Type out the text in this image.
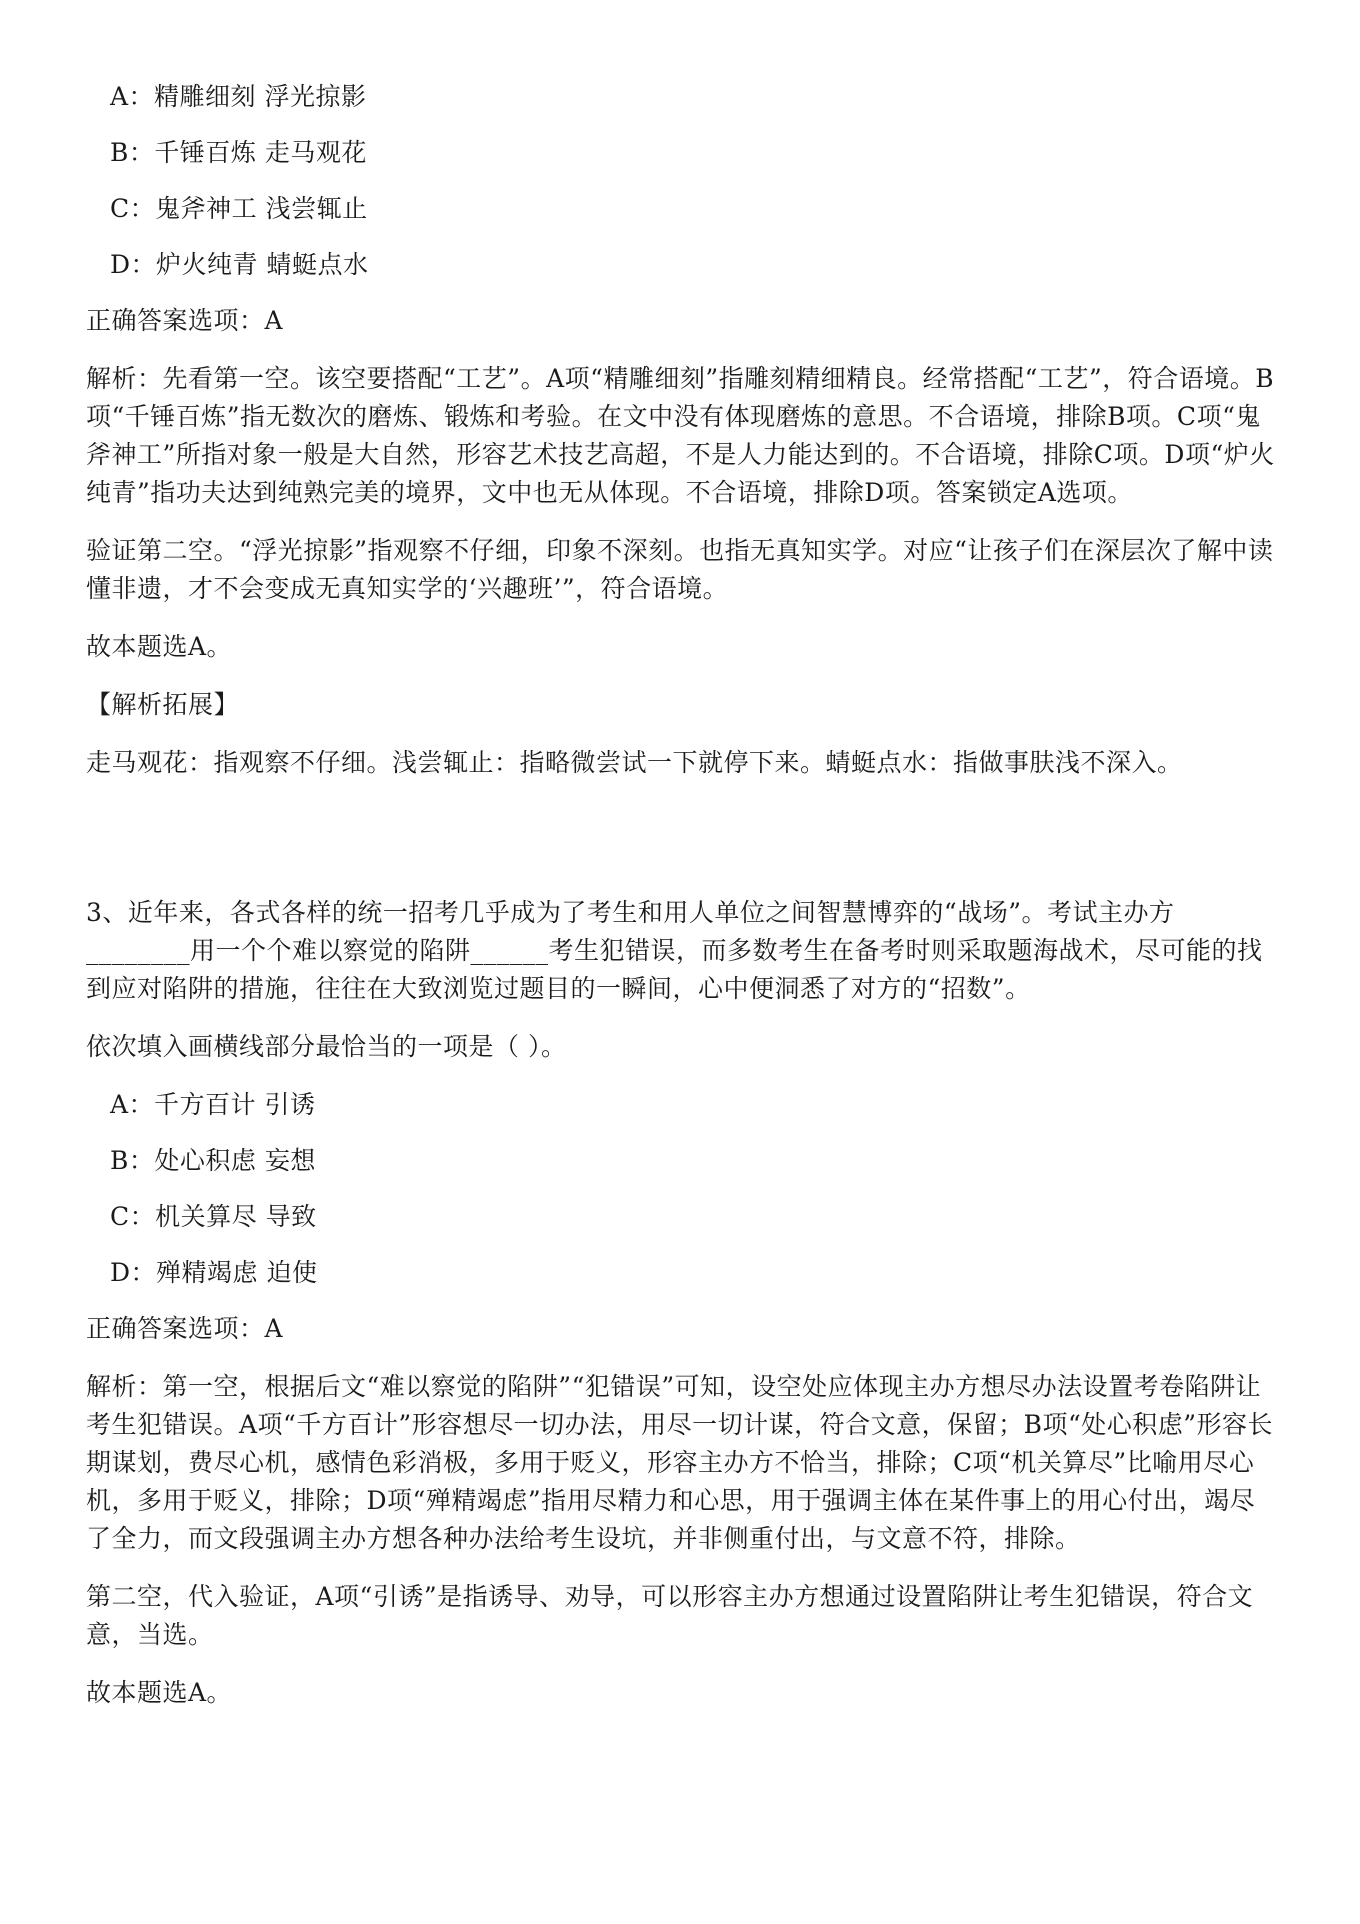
A：精雕细刻 浮光掠影

B：千锤百炼 走马观花

C：鬼斧神工 浅尝辄止

D：炉火纯青 蜻蜓点水

正确答案选项：A

解析：先看第一空。该空要搭配“工艺”。A项“精雕细刻”指雕刻精细精良。经常搭配“工艺”，符合语境。B项“千锤百炼”指无数次的磨炼、锻炼和考验。在文中没有体现磨炼的意思。不合语境，排除B项。C项“鬼斧神工”所指对象一般是大自然，形容艺术技艺高超，不是人力能达到的。不合语境，排除C项。D项“炉火纯青”指功夫达到纯熟完美的境界，文中也无从体现。不合语境，排除D项。答案锁定A选项。

验证第二空。“浮光掠影”指观察不仔细，印象不深刻。也指无真知实学。对应“让孩子们在深层次了解中读懂非遗，才不会变成无真知实学的‘兴趣班’”，符合语境。

故本题选A。

【解析拓展】

走马观花：指观察不仔细。浅尝辄止：指略微尝试一下就停下来。蜻蜓点水：指做事肤浅不深入。

3、近年来，各式各样的统一招考几乎成为了考生和用人单位之间智慧博弈的“战场”。考试主办方________用一个个难以察觉的陷阱______考生犯错误，而多数考生在备考时则采取题海战术，尽可能的找到应对陷阱的措施，往往在大致浏览过题目的一瞬间，心中便洞悉了对方的“招数”。

依次填入画横线部分最恰当的一项是（ ）。

A：千方百计 引诱

B：处心积虑 妄想

C：机关算尽 导致

D：殚精竭虑 迫使

正确答案选项：A

解析：第一空，根据后文“难以察觉的陷阱”“犯错误”可知，设空处应体现主办方想尽办法设置考卷陷阱让考生犯错误。A项“千方百计”形容想尽一切办法，用尽一切计谋，符合文意，保留；B项“处心积虑”形容长期谋划，费尽心机，感情色彩消极，多用于贬义，形容主办方不恰当，排除；C项“机关算尽”比喻用尽心机，多用于贬义，排除；D项“殚精竭虑”指用尽精力和心思，用于强调主体在某件事上的用心付出，竭尽了全力，而文段强调主办方想各种办法给考生设坑，并非侧重付出，与文意不符，排除。

第二空，代入验证，A项“引诱”是指诱导、劝导，可以形容主办方想通过设置陷阱让考生犯错误，符合文意，当选。

故本题选A。
